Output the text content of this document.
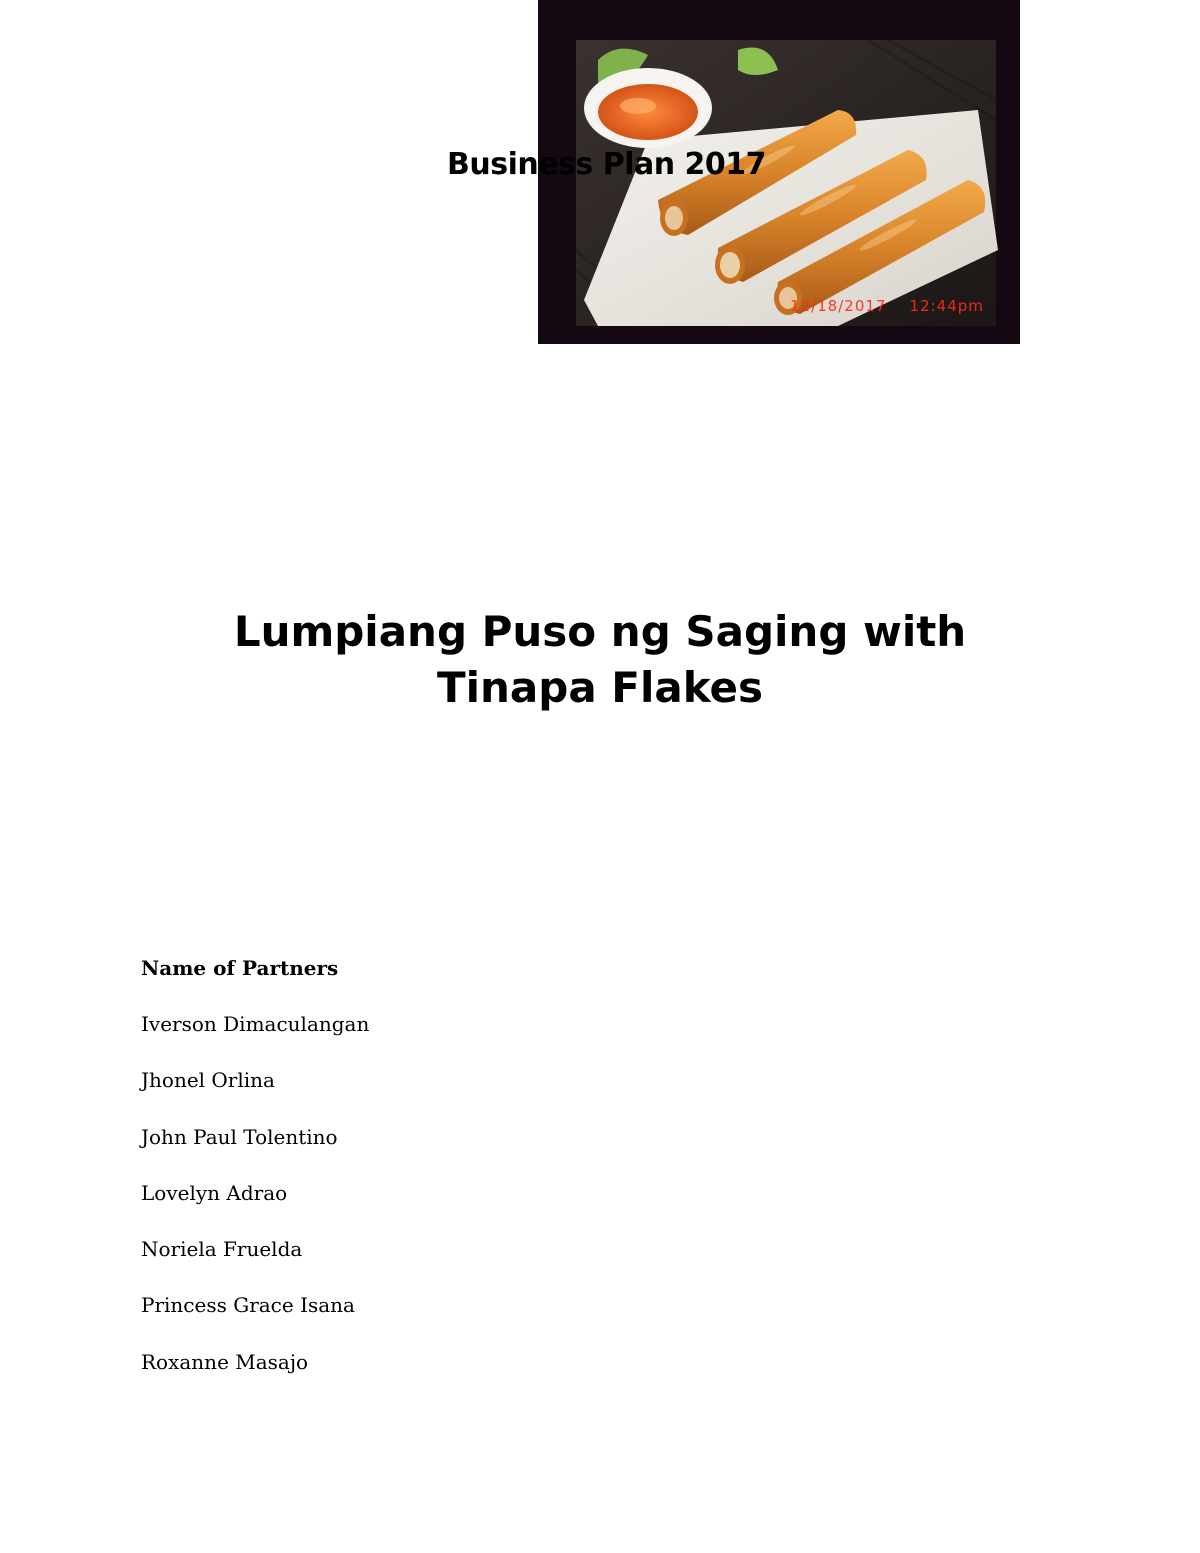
12/18/2017    12:44pm
Business Plan 2017
Lumpiang Puso ng Saging with
Tinapa Flakes

Name of Partners

Iverson Dimaculangan
Jhonel Orlina
John Paul Tolentino
Lovelyn Adrao
Noriela Fruelda
Princess Grace Isana
Roxanne Masajo
